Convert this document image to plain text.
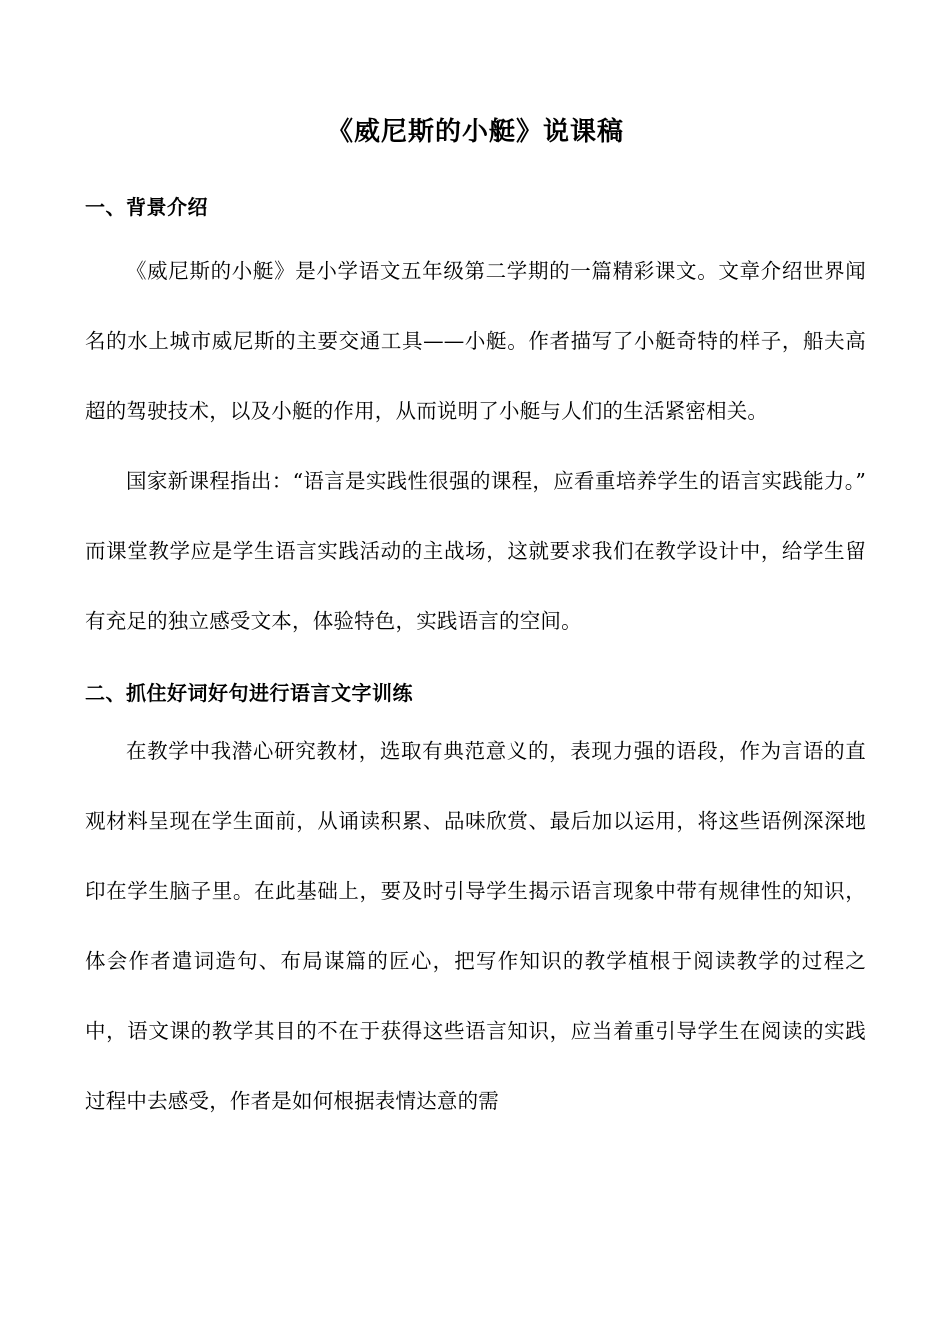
《威尼斯的小艇》说课稿
一、背景介绍

《威尼斯的小艇》是小学语文五年级第二学期的一篇精彩课文。文章介绍世界闻名的水上城市威尼斯的主要交通工具——小艇。作者描写了小艇奇特的样子，船夫高超的驾驶技术，以及小艇的作用，从而说明了小艇与人们的生活紧密相关。

国家新课程指出：“语言是实践性很强的课程，应看重培养学生的语言实践能力。”而课堂教学应是学生语言实践活动的主战场，这就要求我们在教学设计中，给学生留有充足的独立感受文本，体验特色，实践语言的空间。

二、抓住好词好句进行语言文字训练

在教学中我潜心研究教材，选取有典范意义的，表现力强的语段，作为言语的直观材料呈现在学生面前，从诵读积累、品味欣赏、最后加以运用，将这些语例深深地印在学生脑子里。在此基础上，要及时引导学生揭示语言现象中带有规律性的知识，体会作者遣词造句、布局谋篇的匠心，把写作知识的教学植根于阅读教学的过程之中，语文课的教学其目的不在于获得这些语言知识，应当着重引导学生在阅读的实践过程中去感受，作者是如何根据表情达意的需
